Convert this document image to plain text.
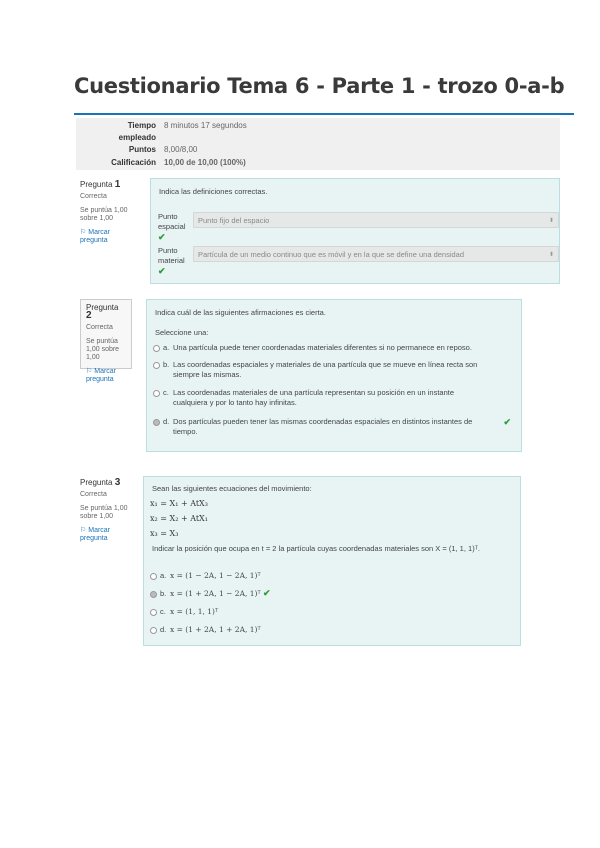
Cuestionario Tema 6 - Parte 1 - trozo 0-a-b
Tiempo
empleado
8 minutos 17 segundos
Puntos 8,00/8,00
Calificación 10,00 de 10,00 (100%)
Pregunta 1
Correcta
Se puntúa 1,00 sobre 1,00
⚐ Marcar pregunta
Indica las definiciones correctas.
Punto espacial ✔
Punto fijo del espacio	⬍
Punto material ✔
Partícula de un medio continuo que es móvil y en la que se define una densidad	⬍
Pregunta 2
Correcta
Se puntúa 1,00 sobre 1,00
⚐ Marcar pregunta
Indica cuál de las siguientes afirmaciones es cierta.
Seleccione una:
a. Una partícula puede tener coordenadas materiales diferentes si no permanece en reposo.
b. Las coordenadas espaciales y materiales de una partícula que se mueve en línea recta son siempre las mismas.
c. Las coordenadas materiales de una partícula representan su posición en un instante cualquiera y por lo tanto hay infinitas.
d. Dos partículas pueden tener las mismas coordenadas espaciales en distintos instantes de tiempo.
✔
Pregunta 3
Correcta
Se puntúa 1,00 sobre 1,00
⚐ Marcar pregunta
Sean las siguientes ecuaciones del movimiento:
x₁ = X₁ + AtX₃
x₂ = X₂ + AtX₁
x₃ = X₃
Indicar la posición que ocupa en t = 2 la partícula cuyas coordenadas materiales son X = (1, 1, 1)ᵀ.
a. x = (1 − 2A, 1 − 2A, 1)ᵀ
b. x = (1 + 2A, 1 − 2A, 1)ᵀ ✔
c. x = (1, 1, 1)ᵀ
d. x = (1 + 2A, 1 + 2A, 1)ᵀ
